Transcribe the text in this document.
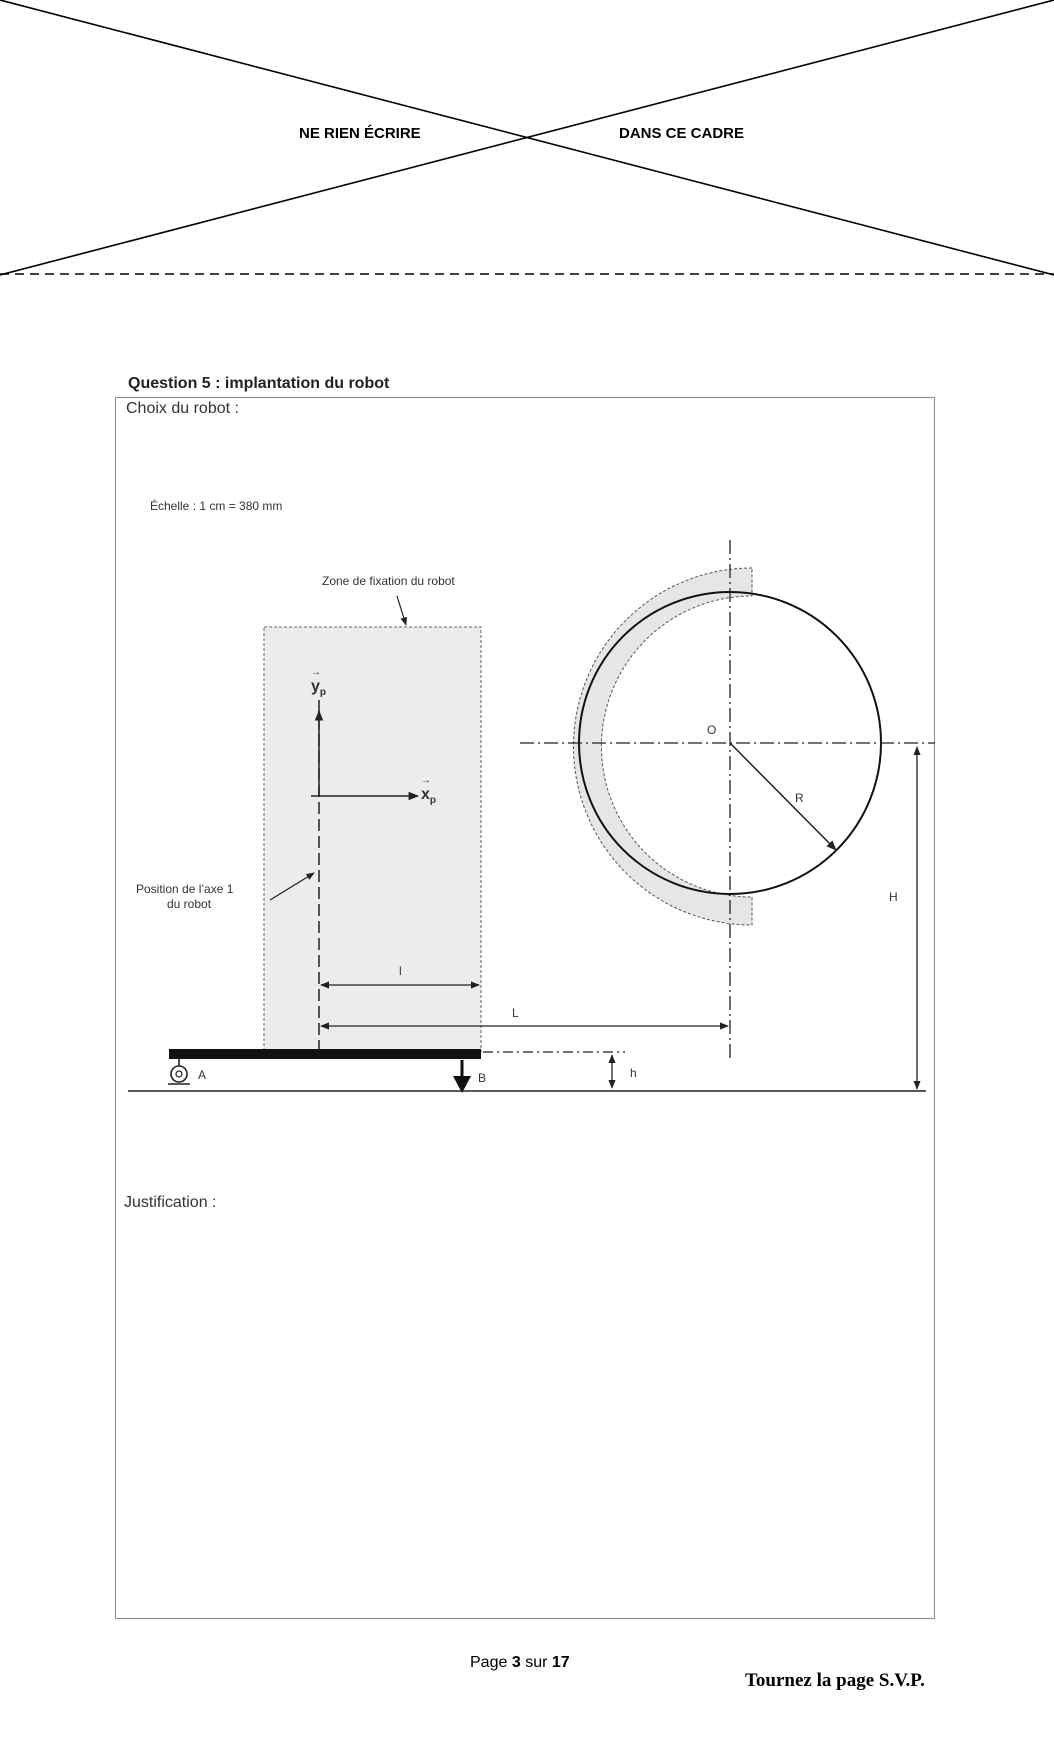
NE RIEN ÉCRIRE	DANS CE CADRE
Question 5 : implantation du robot
Choix du robot :
Justification :
Échelle : 1 cm = 380 mm
Zone de fixation du robot
Position de l’axe 1
du robot
→ $y_p$
→ $x_p$
O
R
H
l
L
h
A	B
Page 3 sur 17
Tournez la page S.V.P.
